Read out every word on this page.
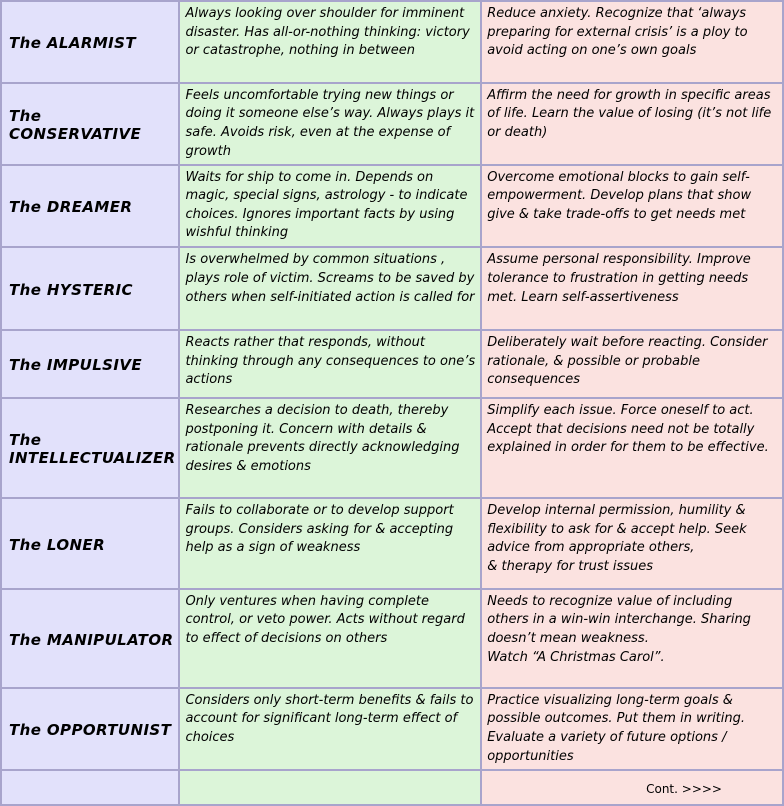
The ALARMIST	Always looking over shoulder for imminent disaster. Has all-or-nothing thinking: victory or catastrophe, nothing in between	Reduce anxiety. Recognize that ‘always preparing for external crisis’ is a ploy to avoid acting on one’s own goals
The CONSERVATIVE	Feels uncomfortable trying new things or doing it someone else’s way. Always plays it safe. Avoids risk, even at the expense of growth	Affirm the need for growth in specific areas of life. Learn the value of losing (it’s not life or death)
The DREAMER	Waits for ship to come in. Depends on magic, special signs, astrology - to indicate choices. Ignores important facts by using wishful thinking	Overcome emotional blocks to gain self-empowerment. Develop plans that show give & take trade-offs to get needs met
The HYSTERIC	Is overwhelmed by common situations , plays role of victim. Screams to be saved by others when self-initiated action is called for	Assume personal responsibility. Improve tolerance to frustration in getting needs met. Learn self-assertiveness
The IMPULSIVE	Reacts rather that responds, without thinking through any consequences to one’s actions	Deliberately wait before reacting. Consider rationale, & possible or probable consequences
The INTELLECTUALIZER	Researches a decision to death, thereby postponing it. Concern with details & rationale prevents directly acknowledging desires & emotions	Simplify each issue. Force oneself to act. Accept that decisions need not be totally explained in order for them to be effective.
The LONER	Fails to collaborate or to develop support groups. Considers asking for & accepting help as a sign of weakness	Develop internal permission, humility & flexibility to ask for & accept help. Seek advice from appropriate others,
& therapy for trust issues
The MANIPULATOR	Only ventures when having complete control, or veto power. Acts without regard to effect of decisions on others	Needs to recognize value of including others in a win-win interchange. Sharing doesn’t mean weakness.
Watch “A Christmas Carol”.
The OPPORTUNIST	Considers only short-term benefits & fails to account for significant long-term effect of choices	Practice visualizing long-term goals & possible outcomes. Put them in writing. Evaluate a variety of future options / opportunities
		Cont. >>>>
